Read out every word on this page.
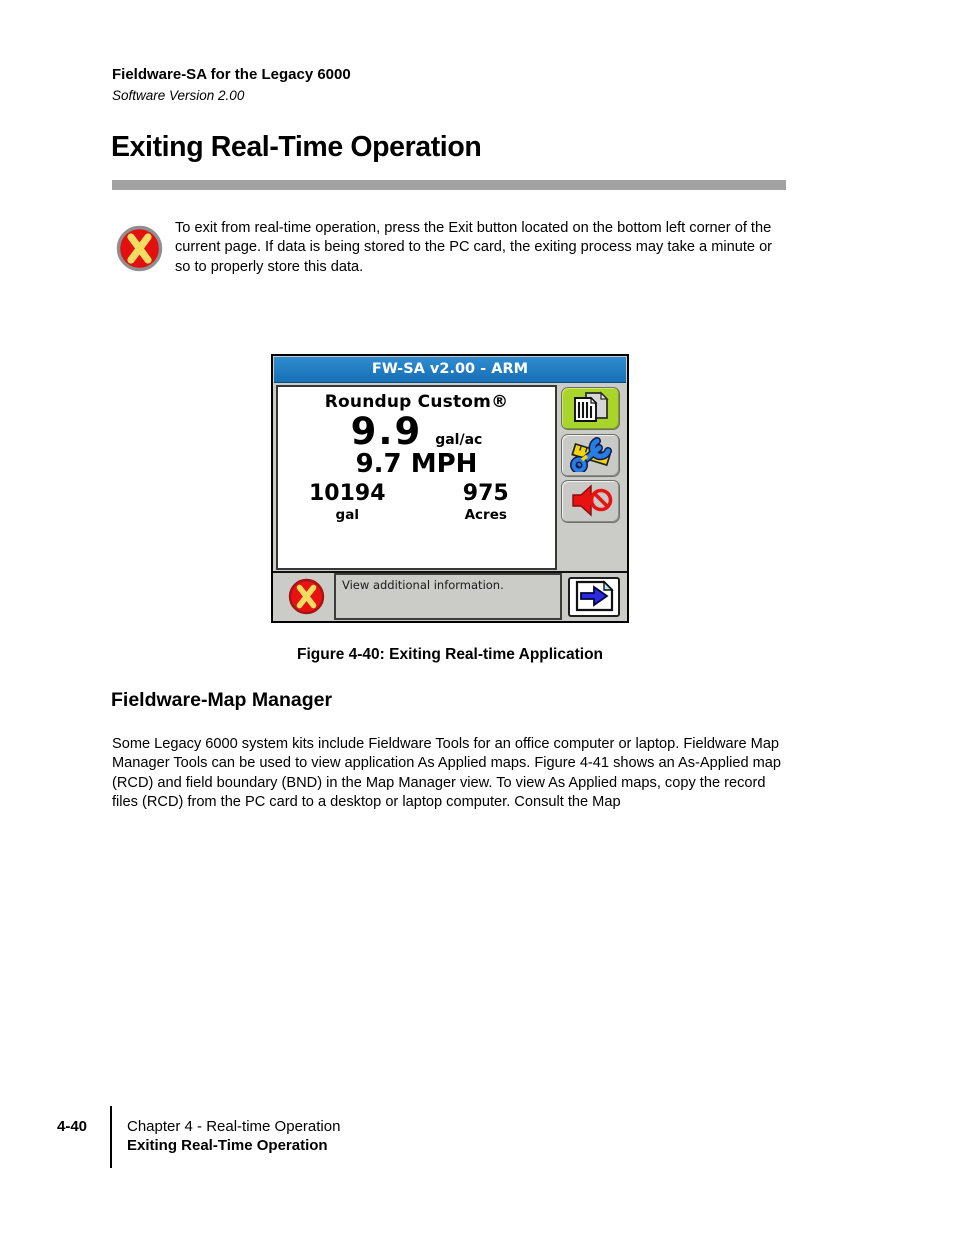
Fieldware-SA for the Legacy 6000
Software Version 2.00
Exiting Real-Time Operation
To exit from real-time operation, press the Exit button located on the bottom left corner of the current page. If data is being stored to the PC card, the exiting process may take a minute or so to properly store this data.
FW-SA v2.00 - ARM
Roundup Custom®
9.9 gal/ac
9.7 MPH
10194
gal
975
Acres
View additional information.
Figure 4-40: Exiting Real-time Application
Fieldware-Map Manager
Some Legacy 6000 system kits include Fieldware Tools for an office computer or laptop. Fieldware Map Manager Tools can be used to view application As Applied maps. Figure 4-41 shows an As-Applied map (RCD) and field boundary (BND) in the Map Manager view. To view As Applied maps, copy the record files (RCD) from the PC card to a desktop or laptop computer. Consult the Map
4-40	Chapter 4 - Real-time Operation
Exiting Real-Time Operation
